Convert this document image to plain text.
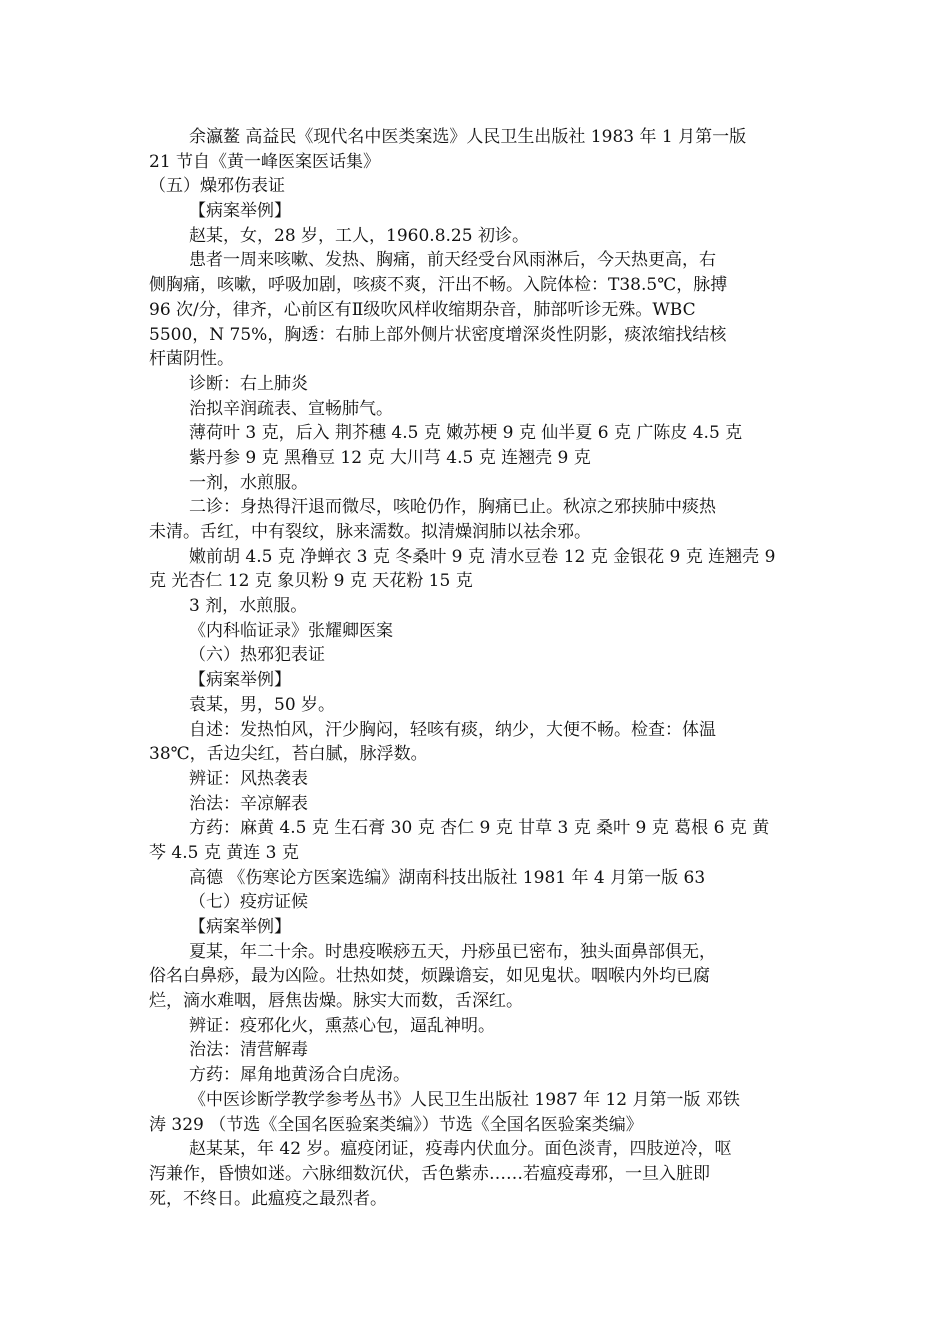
余瀛鳌 高益民《现代名中医类案选》人民卫生出版社 1983 年 1 月第一版
21 节自《黄一峰医案医话集》
（五）燥邪伤表证
【病案举例】
赵某，女，28 岁，工人，1960.8.25 初诊。
患者一周来咳嗽、发热、胸痛，前天经受台风雨淋后，今天热更高，右
侧胸痛，咳嗽，呼吸加剧，咳痰不爽，汗出不畅。入院体检：T38.5℃，脉搏
96 次/分，律齐，心前区有Ⅱ级吹风样收缩期杂音，肺部听诊无殊。WBC
5500，N 75%，胸透：右肺上部外侧片状密度增深炎性阴影，痰浓缩找结核
杆菌阴性。
诊断：右上肺炎
治拟辛润疏表、宣畅肺气。
薄荷叶 3 克，后入 荆芥穗 4.5 克 嫩苏梗 9 克 仙半夏 6 克 广陈皮 4.5 克
紫丹参 9 克 黑穞豆 12 克 大川芎 4.5 克 连翘壳 9 克
一剂，水煎服。
二诊：身热得汗退而微尽，咳呛仍作，胸痛已止。秋凉之邪挟肺中痰热
未清。舌红，中有裂纹，脉来濡数。拟清燥润肺以祛余邪。
嫩前胡 4.5 克 净蝉衣 3 克 冬桑叶 9 克 清水豆卷 12 克 金银花 9 克 连翘壳 9
克 光杏仁 12 克 象贝粉 9 克 天花粉 15 克
3 剂，水煎服。
《内科临证录》张耀卿医案
（六）热邪犯表证
【病案举例】
袁某，男，50 岁。
自述：发热怕风，汗少胸闷，轻咳有痰，纳少，大便不畅。检查：体温
38℃，舌边尖红，苔白腻，脉浮数。
辨证：风热袭表
治法：辛凉解表
方药：麻黄 4.5 克 生石膏 30 克 杏仁 9 克 甘草 3 克 桑叶 9 克 葛根 6 克 黄
芩 4.5 克 黄连 3 克
高德 《伤寒论方医案选编》湖南科技出版社 1981 年 4 月第一版 63
（七）疫疠证候
【病案举例】
夏某，年二十余。时患疫喉痧五天，丹痧虽已密布，独头面鼻部俱无，
俗名白鼻痧，最为凶险。壮热如焚，烦躁谵妄，如见鬼状。咽喉内外均已腐
烂，滴水难咽，唇焦齿燥。脉实大而数，舌深红。
辨证：疫邪化火，熏蒸心包，逼乱神明。
治法：清营解毒
方药：犀角地黄汤合白虎汤。
《中医诊断学教学参考丛书》人民卫生出版社 1987 年 12 月第一版 邓铁
涛 329 （节选《全国名医验案类编》）节选《全国名医验案类编》
赵某某，年 42 岁。瘟疫闭证，疫毒内伏血分。面色淡青，四肢逆冷，呕
泻兼作，昏愦如迷。六脉细数沉伏，舌色紫赤……若瘟疫毒邪，一旦入脏即
死，不终日。此瘟疫之最烈者。
